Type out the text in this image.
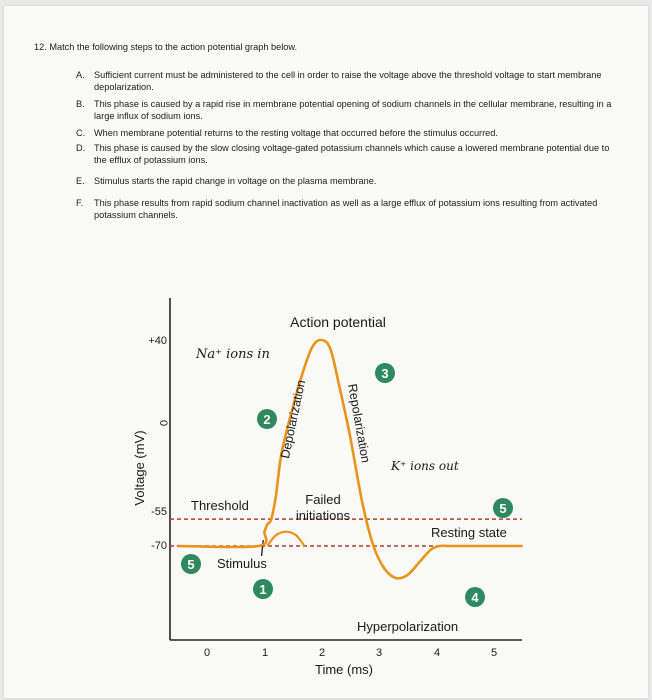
12. Match the following steps to the action potential graph below.
A. Sufficient current must be administered to the cell in order to raise the voltage above the threshold voltage to start membrane depolarization.
B. This phase is caused by a rapid rise in membrane potential opening of sodium channels in the cellular membrane, resulting in a large influx of sodium ions.
C. When membrane potential returns to the resting voltage that occurred before the stimulus occurred.
D. This phase is caused by the slow closing voltage-gated potassium channels which cause a lowered membrane potential due to the efflux of potassium ions.
E. Stimulus starts the rapid change in voltage on the plasma membrane.
F. This phase results from rapid sodium channel inactivation as well as a large efflux of potassium ions resulting from activated potassium channels.
Action potential
Voltage (mV)
Time (ms)
+40
0
-55
-70
0	1	2	3	4	5
Na⁺ ions in
K⁺ ions out
Depolarization	Repolarization
Threshold	Failed
initiations
Resting state
Stimulus
Hyperpolarization
1
2
3
4
5
5
